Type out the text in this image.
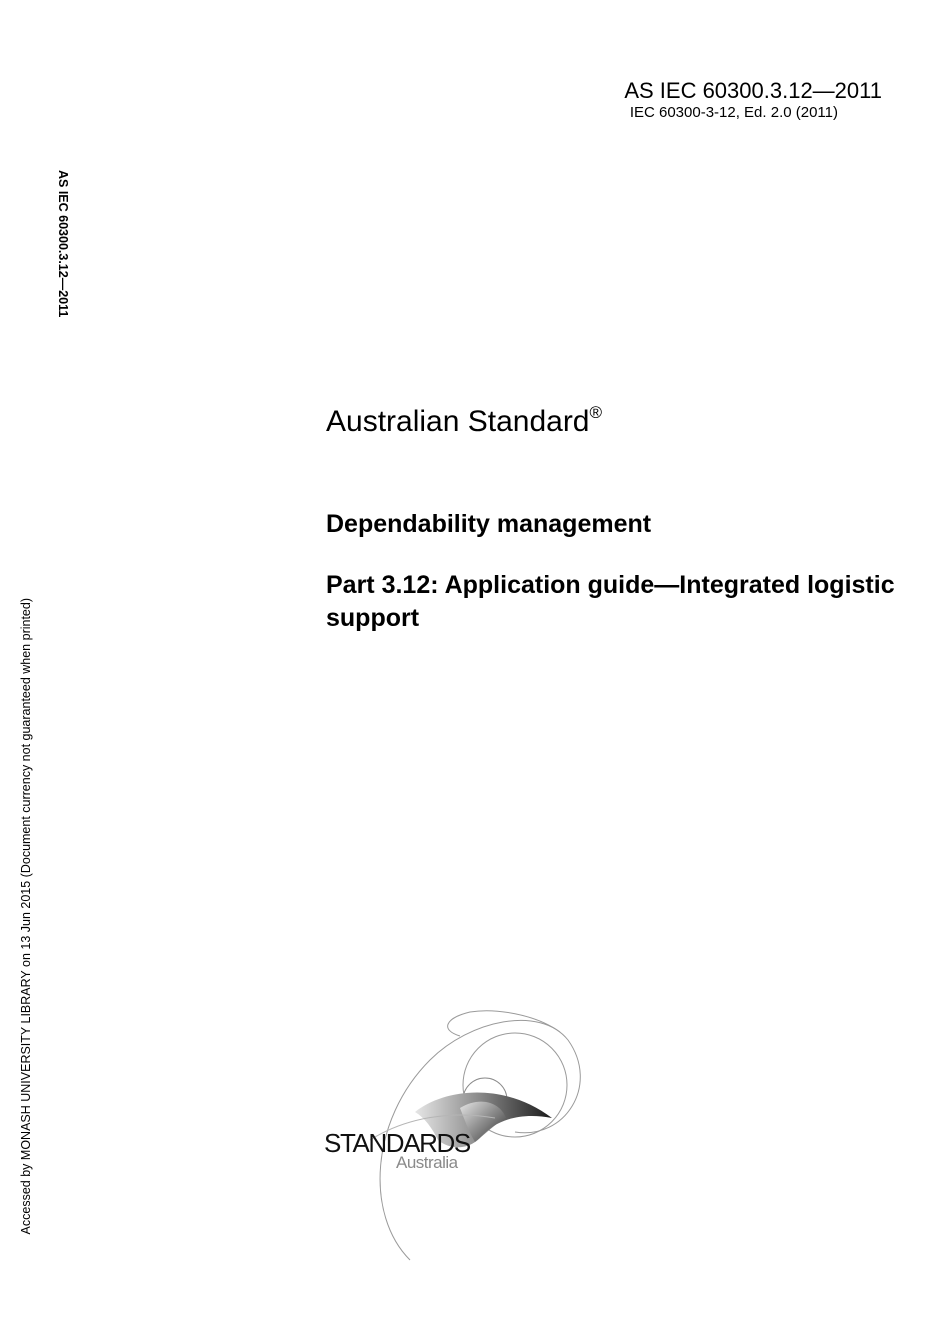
AS IEC 60300.3.12—2011
IEC 60300-3-12, Ed. 2.0 (2011)
AS IEC 60300.3.12—2011
Accessed by MONASH UNIVERSITY LIBRARY on 13 Jun 2015 (Document currency not guaranteed when printed)
Australian Standard®
Dependability management
Part 3.12: Application guide—Integrated logistic support
STANDARDS
Australia
